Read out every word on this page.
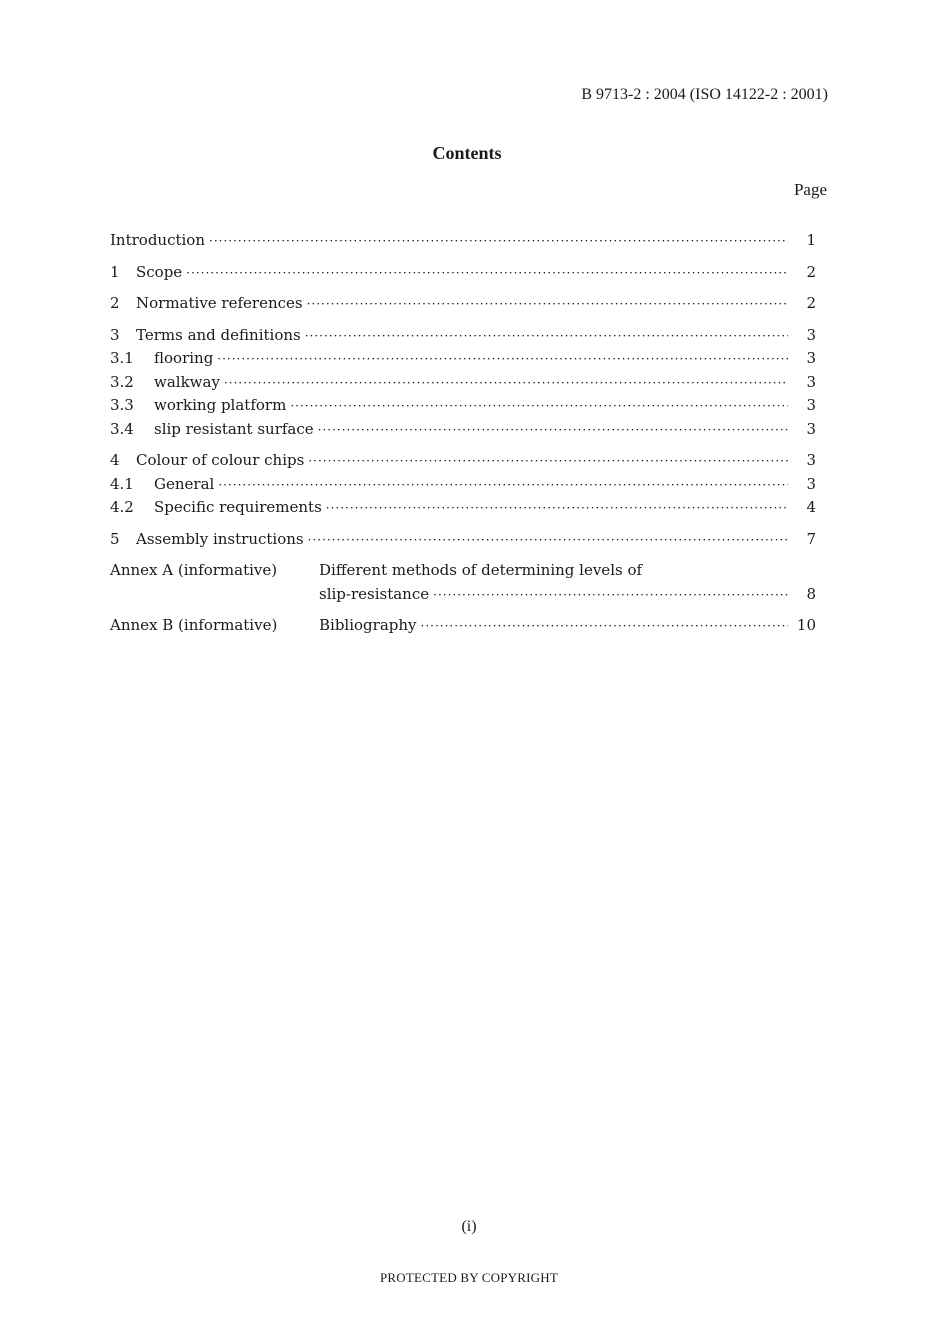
B 9713-2 : 2004 (ISO 14122-2 : 2001)
Contents
Page
Introduction ·····	1
1	Scope ·····	2
2	Normative references ·····	2
3	Terms and definitions ·····	3
3.1	flooring ·····	3
3.2	walkway ·····	3
3.3	working platform ·····	3
3.4	slip resistant surface ·····	3
4	Colour of colour chips ·····	3
4.1	General ·····	3
4.2	Specific requirements ·····	4
5	Assembly instructions ·····	7
Annex A (informative)	Different methods of determining levels of
slip-resistance ·····	8
Annex B (informative)	Bibliography ·····	10
(i)
PROTECTED BY COPYRIGHT
